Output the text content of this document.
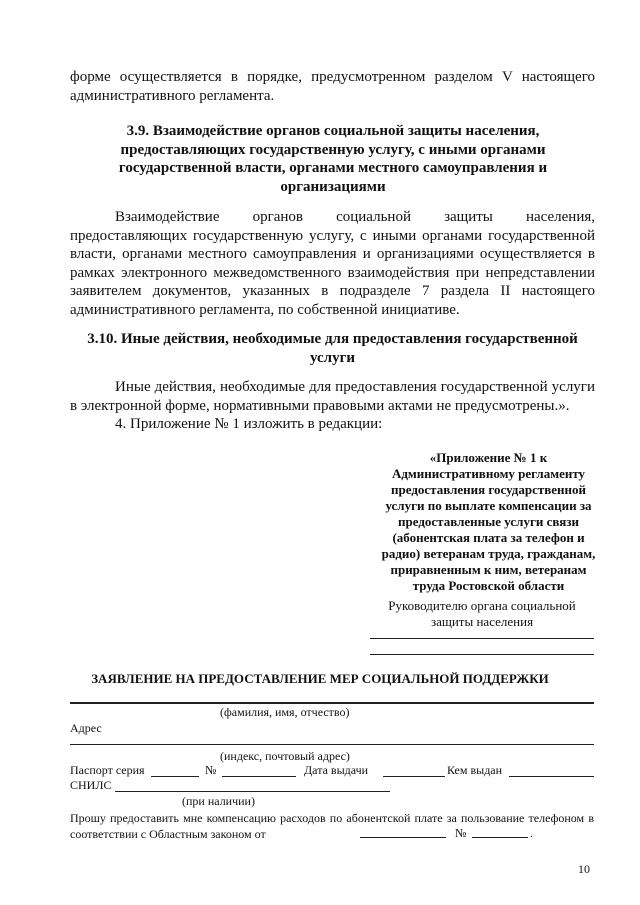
форме осуществляется в порядке, предусмотренном разделом V настоящего административного регламента.
3.9. Взаимодействие органов социальной защиты населения, предоставляющих государственную услугу, с иными органами государственной власти, органами местного самоуправления и организациями
Взаимодействие органов социальной защиты населения, предоставляющих государственную услугу, с иными органами государственной власти, органами местного самоуправления и организациями осуществляется в рамках электронного межведомственного взаимодействия при непредставлении заявителем документов, указанных в подразделе 7 раздела II настоящего административного регламента, по собственной инициативе.
3.10. Иные действия, необходимые для предоставления государственной услуги
Иные действия, необходимые для предоставления государственной услуги в электронной форме, нормативными правовыми актами не предусмотрены.».
4. Приложение № 1 изложить в редакции:
«Приложение № 1 к Административному регламенту предоставления государственной услуги по выплате компенсации за предоставленные услуги связи (абонентская плата за телефон и радио) ветеранам труда, гражданам, приравненным к ним, ветеранам труда Ростовской области
Руководителю органа социальной защиты населения
ЗАЯВЛЕНИЕ НА ПРЕДОСТАВЛЕНИЕ МЕР СОЦИАЛЬНОЙ ПОДДЕРЖКИ
(фамилия, имя, отчество)
Адрес
(индекс, почтовый адрес)
Паспорт серия	№	Дата выдачи	Кем выдан
СНИЛС
(при наличии)
Прошу предоставить мне компенсацию расходов по абонентской плате за пользование телефоном в соответствии с Областным законом от	№	.
10
